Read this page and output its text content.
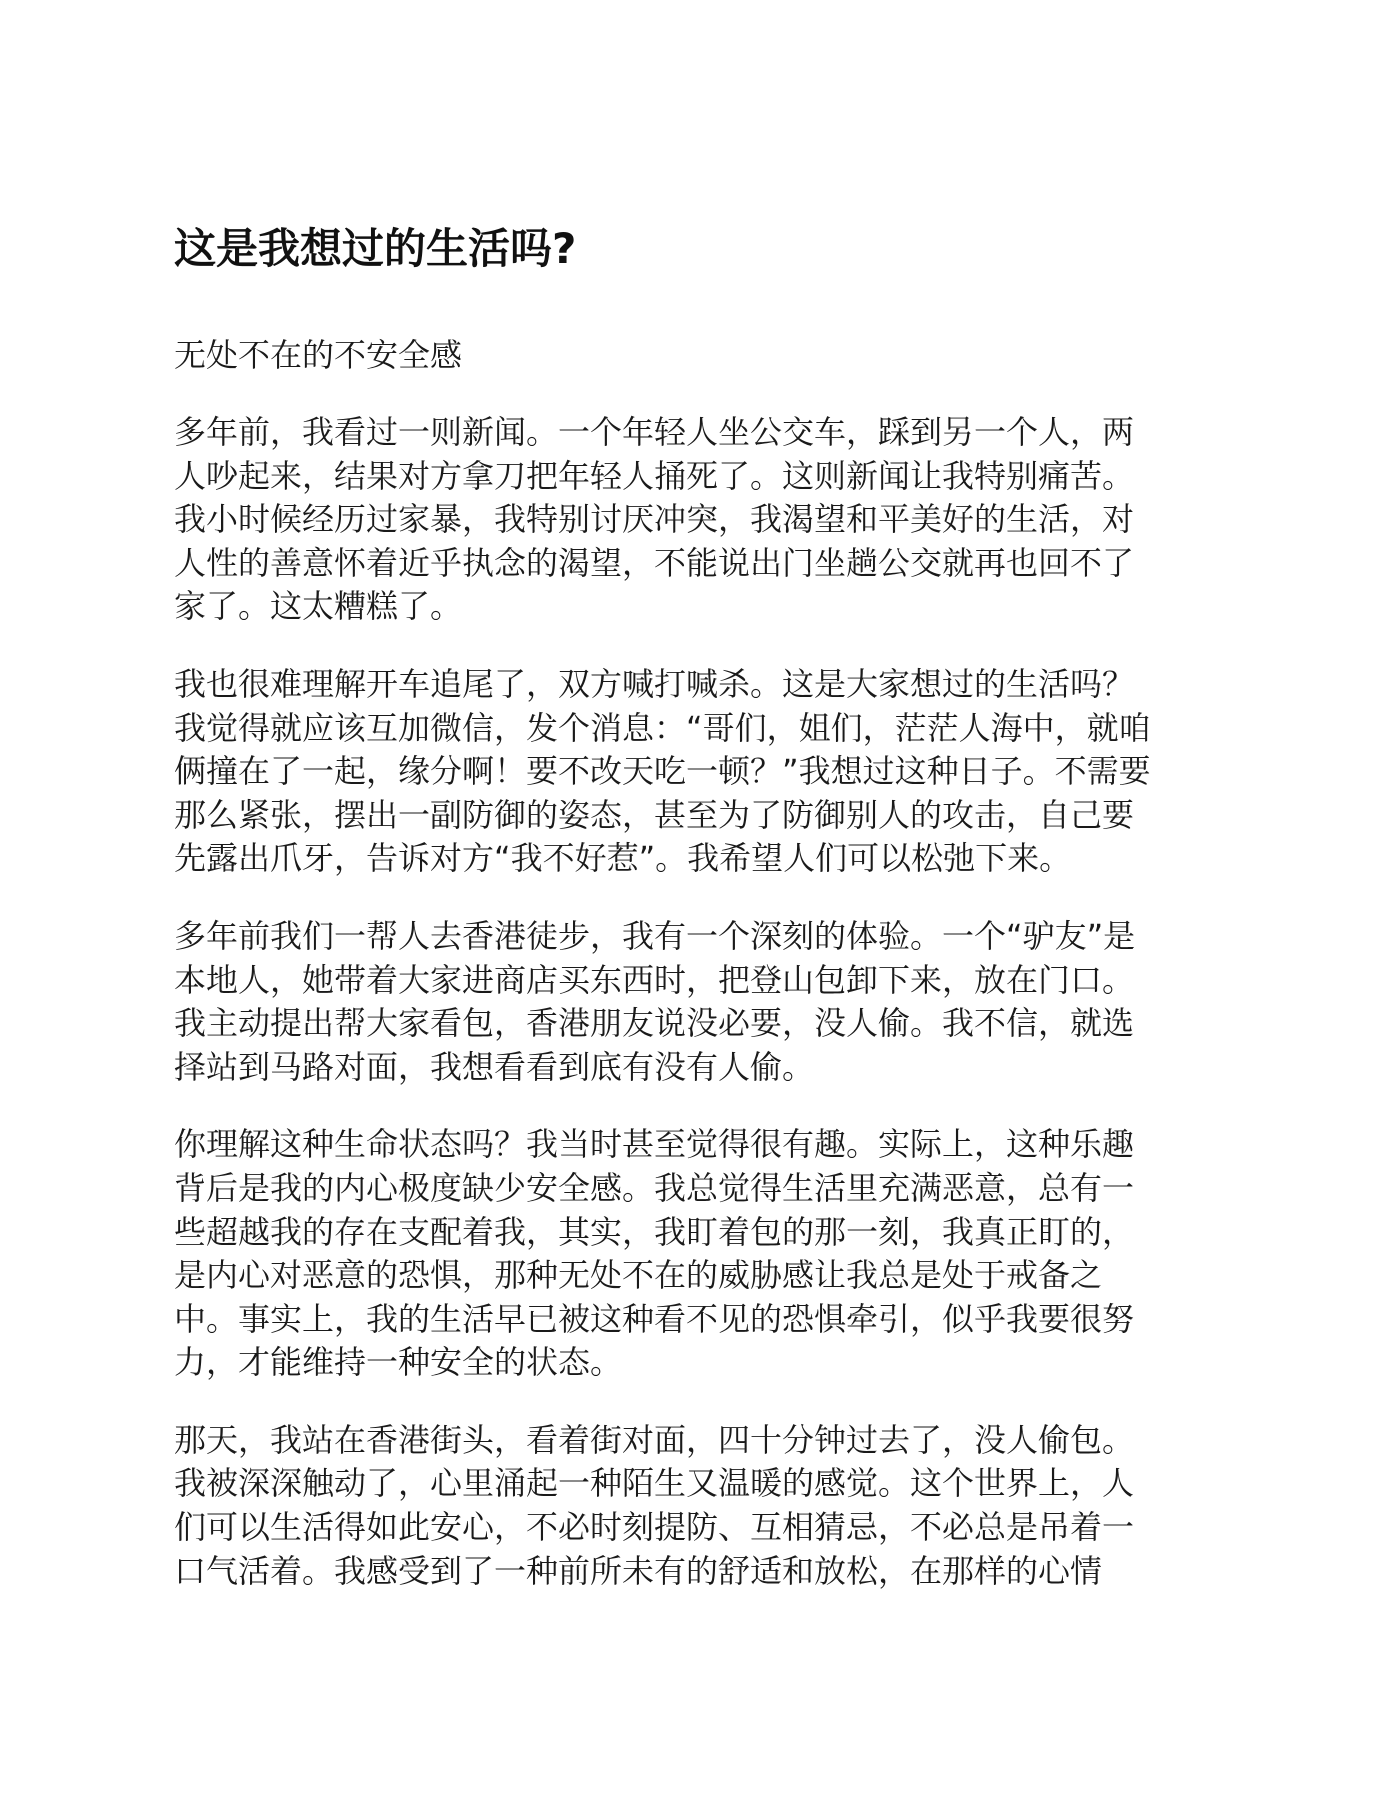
这是我想过的生活吗?
无处不在的不安全感

多年前，我看过一则新闻。一个年轻人坐公交车，踩到另一个人，两
人吵起来，结果对方拿刀把年轻人捅死了。这则新闻让我特别痛苦。
我小时候经历过家暴，我特别讨厌冲突，我渴望和平美好的生活，对
人性的善意怀着近乎执念的渴望，不能说出门坐趟公交就再也回不了
家了。这太糟糕了。

我也很难理解开车追尾了，双方喊打喊杀。这是大家想过的生活吗？
我觉得就应该互加微信，发个消息：“哥们，姐们，茫茫人海中，就咱
俩撞在了一起，缘分啊！要不改天吃一顿？”我想过这种日子。不需要
那么紧张，摆出一副防御的姿态，甚至为了防御别人的攻击，自己要
先露出爪牙，告诉对方“我不好惹”。我希望人们可以松弛下来。

多年前我们一帮人去香港徒步，我有一个深刻的体验。一个“驴友”是
本地人，她带着大家进商店买东西时，把登山包卸下来，放在门口。
我主动提出帮大家看包，香港朋友说没必要，没人偷。我不信，就选
择站到马路对面，我想看看到底有没有人偷。

你理解这种生命状态吗？我当时甚至觉得很有趣。实际上，这种乐趣
背后是我的内心极度缺少安全感。我总觉得生活里充满恶意，总有一
些超越我的存在支配着我，其实，我盯着包的那一刻，我真正盯的，
是内心对恶意的恐惧，那种无处不在的威胁感让我总是处于戒备之
中。事实上，我的生活早已被这种看不见的恐惧牵引，似乎我要很努
力，才能维持一种安全的状态。

那天，我站在香港街头，看着街对面，四十分钟过去了，没人偷包。
我被深深触动了，心里涌起一种陌生又温暖的感觉。这个世界上，人
们可以生活得如此安心，不必时刻提防、互相猜忌，不必总是吊着一
口气活着。我感受到了一种前所未有的舒适和放松，在那样的心情
